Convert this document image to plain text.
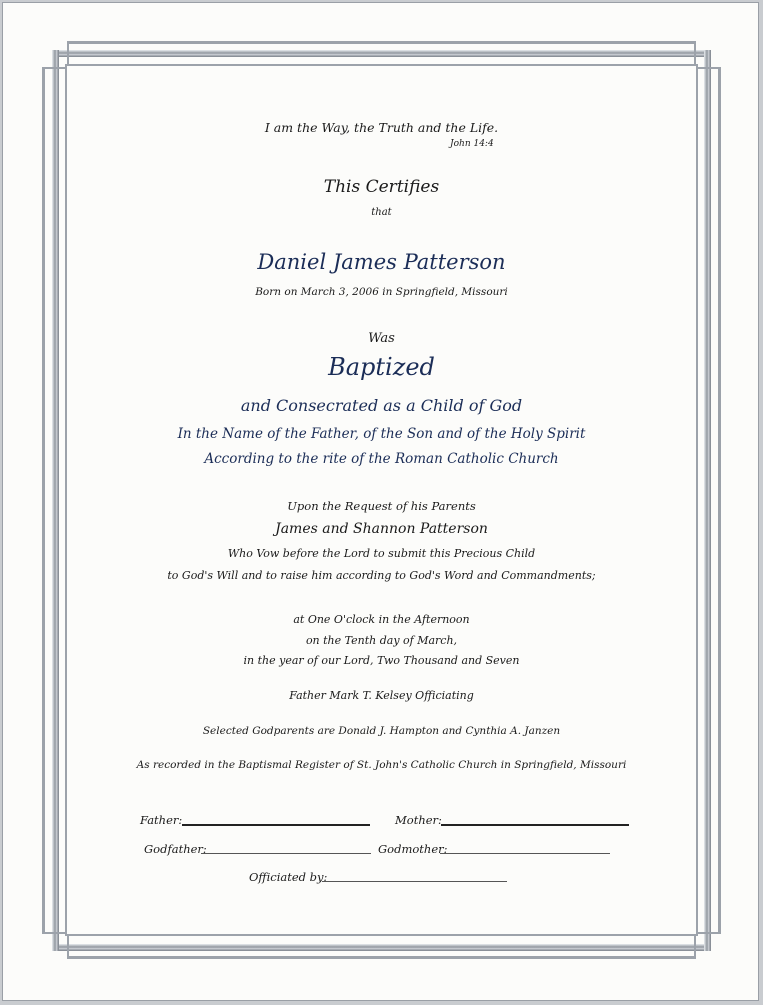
I am the Way, the Truth and the Life.
John 14:4
This Certifies
that
Daniel James Patterson
Born on March 3, 2006 in Springfield, Missouri
Was
Baptized
and Consecrated as a Child of God
In the Name of the Father, of the Son and of the Holy Spirit
According to the rite of the Roman Catholic Church
Upon the Request of his Parents
James and Shannon Patterson
Who Vow before the Lord to submit this Precious Child
to God's Will and to raise him according to God's Word and Commandments;
at One O'clock in the Afternoon
on the Tenth day of March,
in the year of our Lord, Two Thousand and Seven
Father Mark T. Kelsey Officiating
Selected Godparents are Donald J. Hampton and Cynthia A. Janzen
As recorded in the Baptismal Register of St. John's Catholic Church in Springfield, Missouri
Father:	Mother:
Godfather:	Godmother:
Officiated by:
